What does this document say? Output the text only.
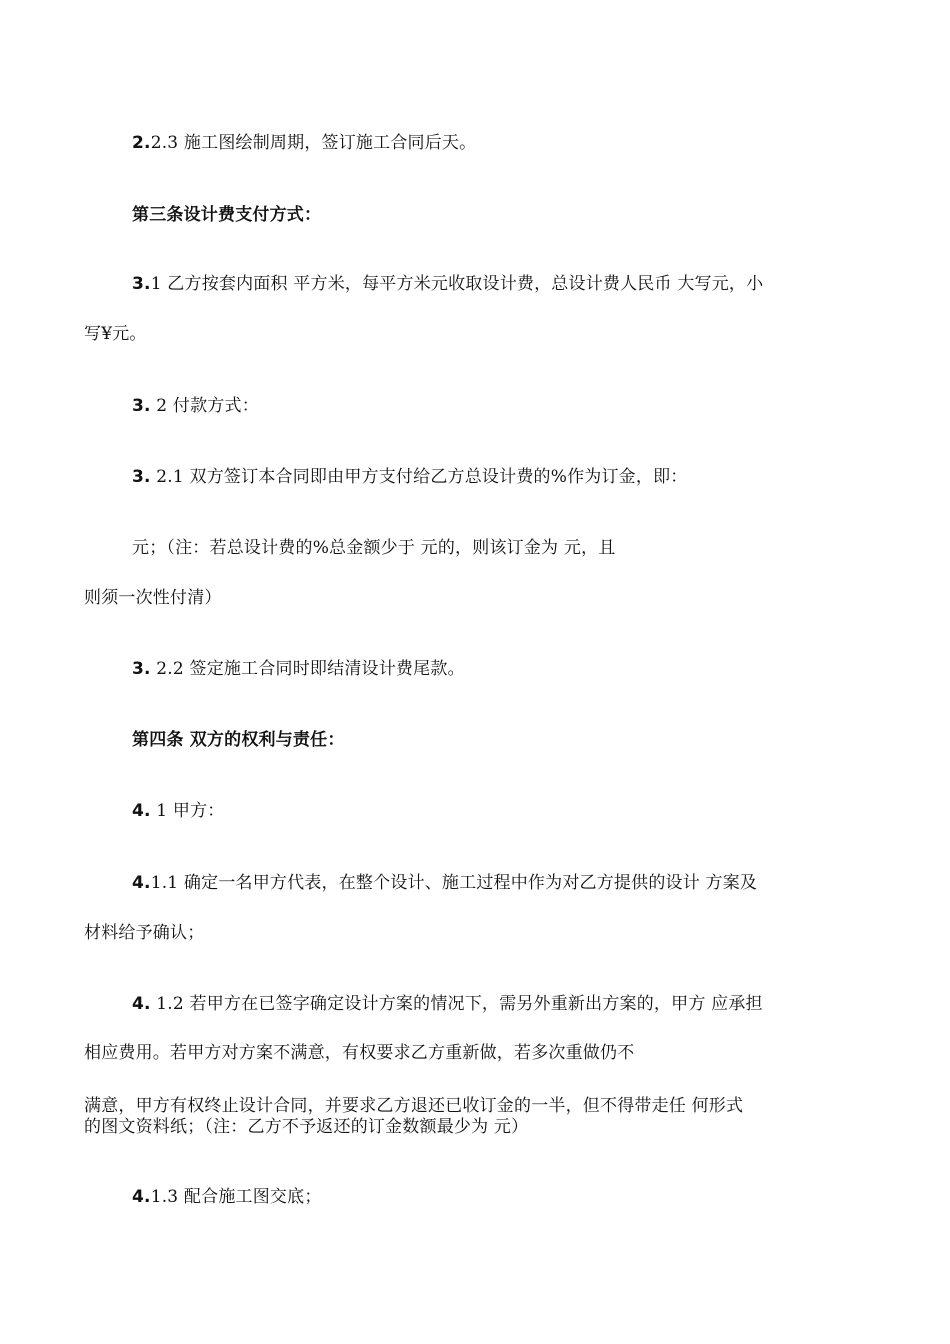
2.2.3 施工图绘制周期，签订施工合同后天。
第三条设计费支付方式：
3.1 乙方按套内面积 平方米，每平方米元收取设计费，总设计费人民币 大写元，小
写¥元。
3. 2 付款方式：
3. 2.1 双方签订本合同即由甲方支付给乙方总设计费的%作为订金，即：
元；（注：若总设计费的%总金额少于 元的，则该订金为 元，且
则须一次性付清）
3. 2.2 签定施工合同时即结清设计费尾款。
第四条 双方的权利与责任：
4. 1 甲方：
4.1.1 确定一名甲方代表，在整个设计、施工过程中作为对乙方提供的设计 方案及
材料给予确认；
4. 1.2 若甲方在已签字确定设计方案的情况下，需另外重新出方案的，甲方 应承担
相应费用。若甲方对方案不满意，有权要求乙方重新做，若多次重做仍不
满意，甲方有权终止设计合同，并要求乙方退还已收订金的一半，但不得带走任 何形式
的图文资料纸；（注：乙方不予返还的订金数额最少为 元）
4.1.3 配合施工图交底；
